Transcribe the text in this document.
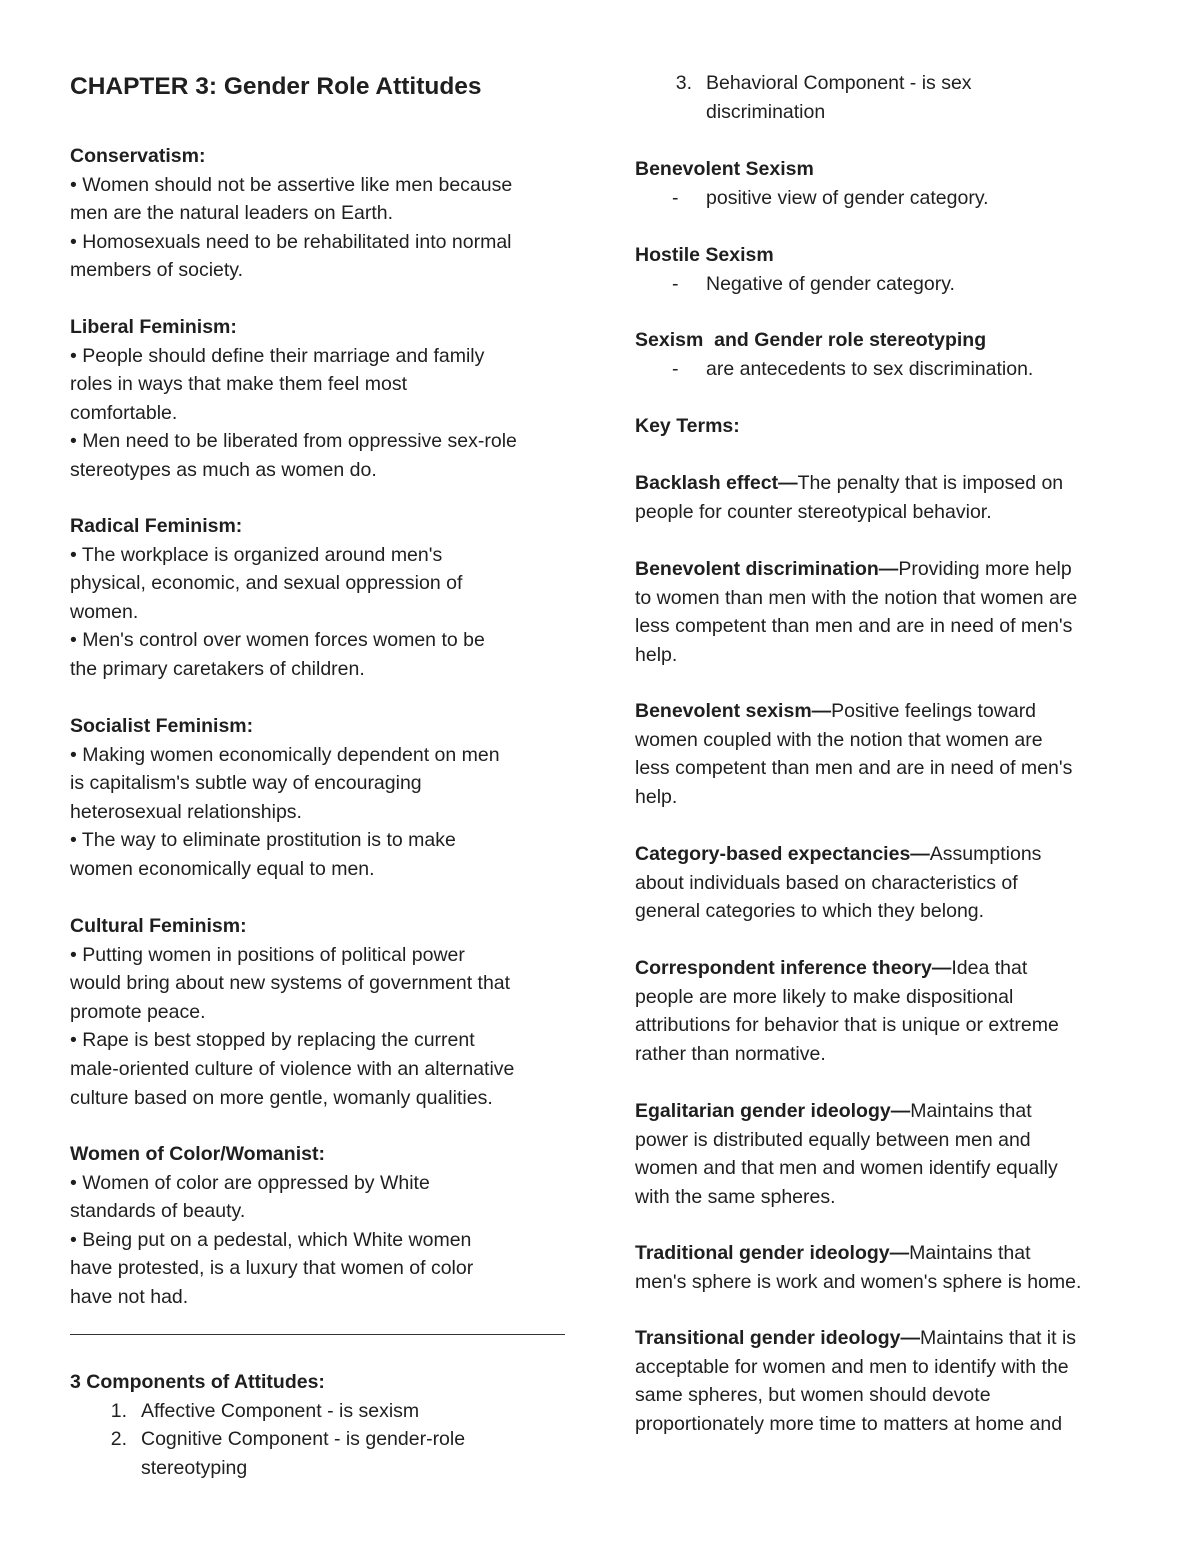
CHAPTER 3: Gender Role Attitudes
Conservatism:
• Women should not be assertive like men because
men are the natural leaders on Earth.
• Homosexuals need to be rehabilitated into normal
members of society.
Liberal Feminism:
• People should define their marriage and family
roles in ways that make them feel most
comfortable.
• Men need to be liberated from oppressive sex-role
stereotypes as much as women do.
Radical Feminism:
• The workplace is organized around men's
physical, economic, and sexual oppression of
women.
• Men's control over women forces women to be
the primary caretakers of children.
Socialist Feminism:
• Making women economically dependent on men
is capitalism's subtle way of encouraging
heterosexual relationships.
• The way to eliminate prostitution is to make
women economically equal to men.
Cultural Feminism:
• Putting women in positions of political power
would bring about new systems of government that
promote peace.
• Rape is best stopped by replacing the current
male-oriented culture of violence with an alternative
culture based on more gentle, womanly qualities.
Women of Color/Womanist:
• Women of color are oppressed by White
standards of beauty.
• Being put on a pedestal, which White women
have protested, is a luxury that women of color
have not had.
3 Components of Attitudes:
1. Affective Component - is sexism
2. Cognitive Component - is gender-role
stereotyping
3. Behavioral Component - is sex
discrimination
Benevolent Sexism
- positive view of gender category.
Hostile Sexism
- Negative of gender category.
Sexism  and Gender role stereotyping
- are antecedents to sex discrimination.
Key Terms:
Backlash effect—The penalty that is imposed on
people for counter stereotypical behavior.
Benevolent discrimination—Providing more help
to women than men with the notion that women are
less competent than men and are in need of men's
help.
Benevolent sexism—Positive feelings toward
women coupled with the notion that women are
less competent than men and are in need of men's
help.
Category-based expectancies—Assumptions
about individuals based on characteristics of
general categories to which they belong.
Correspondent inference theory—Idea that
people are more likely to make dispositional
attributions for behavior that is unique or extreme
rather than normative.
Egalitarian gender ideology—Maintains that
power is distributed equally between men and
women and that men and women identify equally
with the same spheres.
Traditional gender ideology—Maintains that
men's sphere is work and women's sphere is home.
Transitional gender ideology—Maintains that it is
acceptable for women and men to identify with the
same spheres, but women should devote
proportionately more time to matters at home and
